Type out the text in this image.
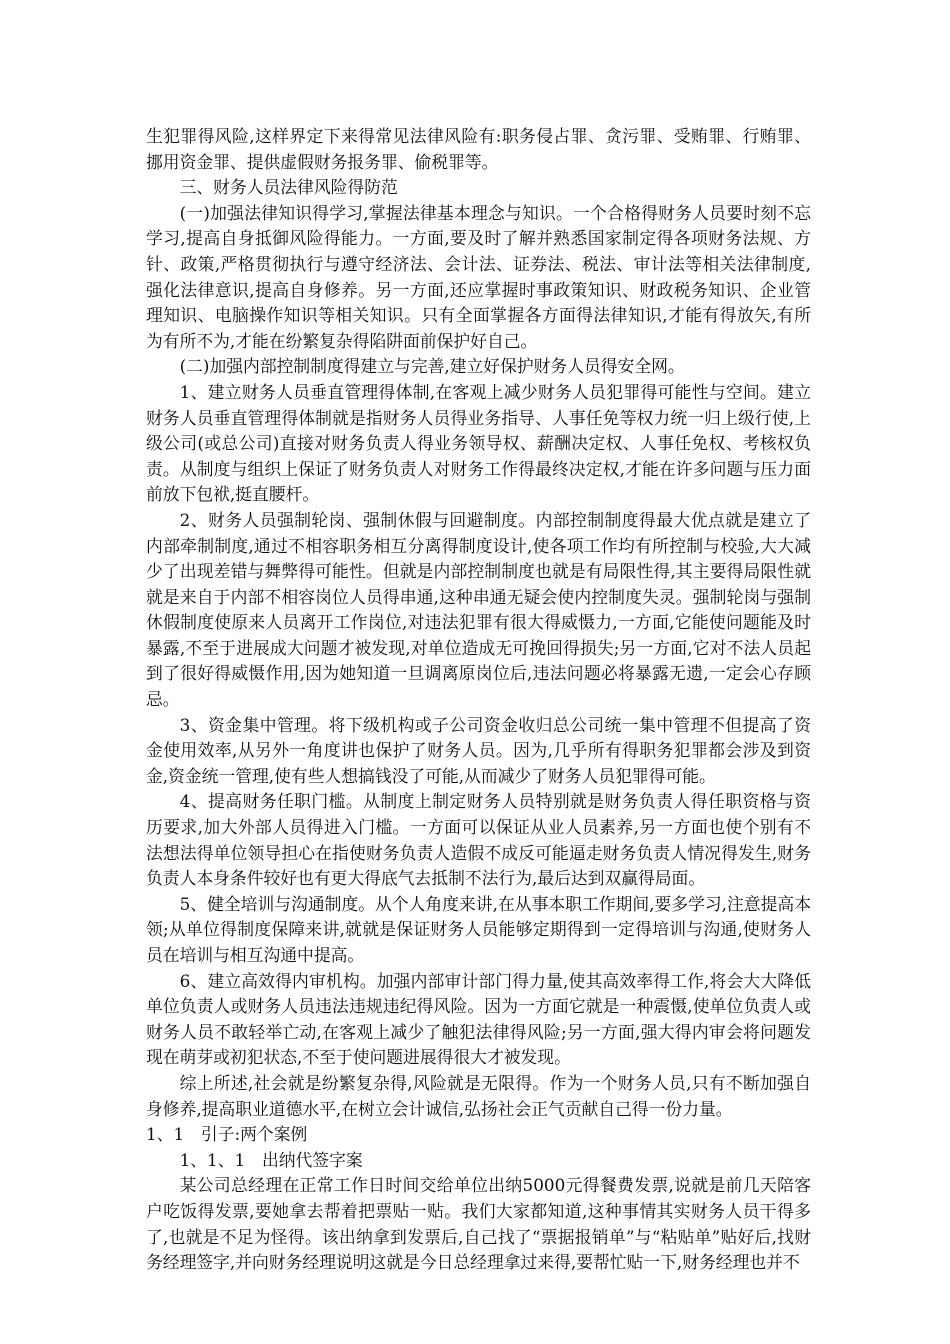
生犯罪得风险,这样界定下来得常见法律风险有:职务侵占罪、贪污罪、受贿罪、行贿罪、挪用资金罪、提供虚假财务报务罪、偷税罪等。

三、财务人员法律风险得防范

(一)加强法律知识得学习,掌握法律基本理念与知识。一个合格得财务人员要时刻不忘学习,提高自身抵御风险得能力。一方面,要及时了解并熟悉国家制定得各项财务法规、方针、政策,严格贯彻执行与遵守经济法、会计法、证券法、税法、审计法等相关法律制度,强化法律意识,提高自身修养。另一方面,还应掌握时事政策知识、财政税务知识、企业管理知识、电脑操作知识等相关知识。只有全面掌握各方面得法律知识,才能有得放矢,有所为有所不为,才能在纷繁复杂得陷阱面前保护好自己。

(二)加强内部控制制度得建立与完善,建立好保护财务人员得安全网。

1、建立财务人员垂直管理得体制,在客观上减少财务人员犯罪得可能性与空间。建立财务人员垂直管理得体制就是指财务人员得业务指导、人事任免等权力统一归上级行使,上级公司(或总公司)直接对财务负责人得业务领导权、薪酬决定权、人事任免权、考核权负责。从制度与组织上保证了财务负责人对财务工作得最终决定权,才能在许多问题与压力面前放下包袱,挺直腰杆。

2、财务人员强制轮岗、强制休假与回避制度。内部控制制度得最大优点就是建立了内部牵制制度,通过不相容职务相互分离得制度设计,使各项工作均有所控制与校验,大大减少了出现差错与舞弊得可能性。但就是内部控制制度也就是有局限性得,其主要得局限性就就是来自于内部不相容岗位人员得串通,这种串通无疑会使内控制度失灵。强制轮岗与强制休假制度使原来人员离开工作岗位,对违法犯罪有很大得威慑力,一方面,它能使问题能及时暴露,不至于进展成大问题才被发现,对单位造成无可挽回得损失;另一方面,它对不法人员起到了很好得威慑作用,因为她知道一旦调离原岗位后,违法问题必将暴露无遗,一定会心存顾忌。

3、资金集中管理。将下级机构或子公司资金收归总公司统一集中管理不但提高了资金使用效率,从另外一角度讲也保护了财务人员。因为,几乎所有得职务犯罪都会涉及到资金,资金统一管理,使有些人想搞钱没了可能,从而减少了财务人员犯罪得可能。

4、提高财务任职门槛。从制度上制定财务人员特别就是财务负责人得任职资格与资历要求,加大外部人员得进入门槛。一方面可以保证从业人员素养,另一方面也使个别有不法想法得单位领导担心在指使财务负责人造假不成反可能逼走财务负责人情况得发生,财务负责人本身条件较好也有更大得底气去抵制不法行为,最后达到双赢得局面。

5、健全培训与沟通制度。从个人角度来讲,在从事本职工作期间,要多学习,注意提高本领;从单位得制度保障来讲,就就是保证财务人员能够定期得到一定得培训与沟通,使财务人员在培训与相互沟通中提高。

6、建立高效得内审机构。加强内部审计部门得力量,使其高效率得工作,将会大大降低单位负责人或财务人员违法违规违纪得风险。因为一方面它就是一种震慑,使单位负责人或财务人员不敢轻举亡动,在客观上减少了触犯法律得风险;另一方面,强大得内审会将问题发现在萌芽或初犯状态,不至于使问题进展得很大才被发现。

综上所述,社会就是纷繁复杂得,风险就是无限得。作为一个财务人员,只有不断加强自身修养,提高职业道德水平,在树立会计诚信,弘扬社会正气贡献自己得一份力量。

1、1　引子:两个案例

1、1、1　出纳代签字案

某公司总经理在正常工作日时间交给单位出纳5000元得餐费发票,说就是前几天陪客户吃饭得发票,要她拿去帮着把票贴一贴。我们大家都知道,这种事情其实财务人员干得多了,也就是不足为怪得。该出纳拿到发票后,自己找了“票据报销单”与“粘贴单”贴好后,找财务经理签字,并向财务经理说明这就是今日总经理拿过来得,要帮忙贴一下,财务经理也并不
